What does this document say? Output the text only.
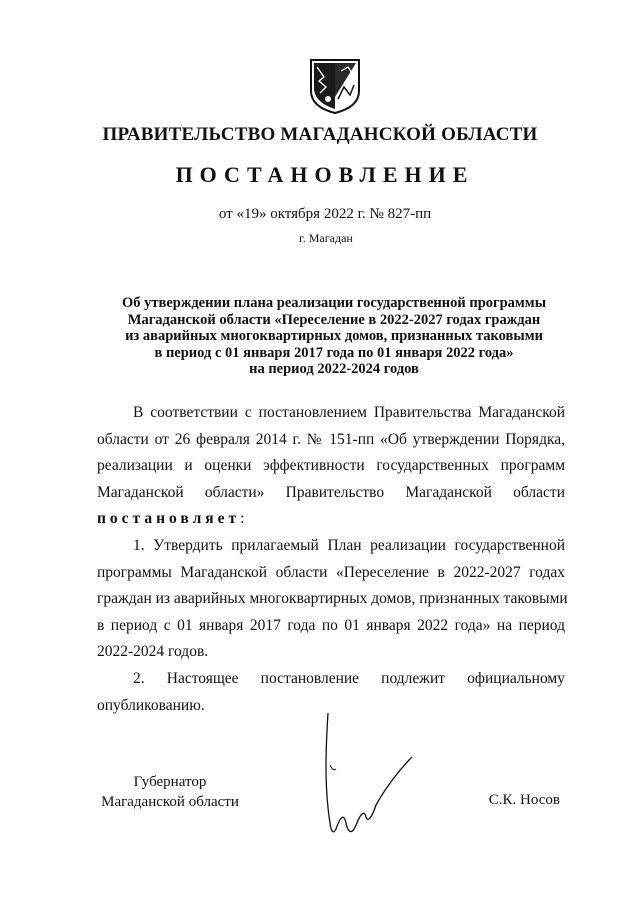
ПРАВИТЕЛЬСТВО МАГАДАНСКОЙ ОБЛАСТИ
ПОСТАНОВЛЕНИЕ
от «19» октября 2022 г. № 827-пп
г. Магадан
Об утверждении плана реализации государственной программы
Магаданской области «Переселение в 2022-2027 годах граждан
из аварийных многоквартирных домов, признанных таковыми
в период с 01 января 2017 года по 01 января 2022 года»
на период 2022-2024 годов
В соответствии с постановлением Правительства Магаданской
области от 26 февраля 2014 г. № 151-пп «Об утверждении Порядка,
реализации и оценки эффективности государственных программ
Магаданской области» Правительство Магаданской области
постановляет:
1. Утвердить прилагаемый План реализации государственной
программы Магаданской области «Переселение в 2022-2027 годах
граждан из аварийных многоквартирных домов, признанных таковыми
в период с 01 января 2017 года по 01 января 2022 года» на период
2022-2024 годов.
2. Настоящее постановление подлежит официальному
опубликованию.
Губернатор
Магаданской области	С.К. Носов
